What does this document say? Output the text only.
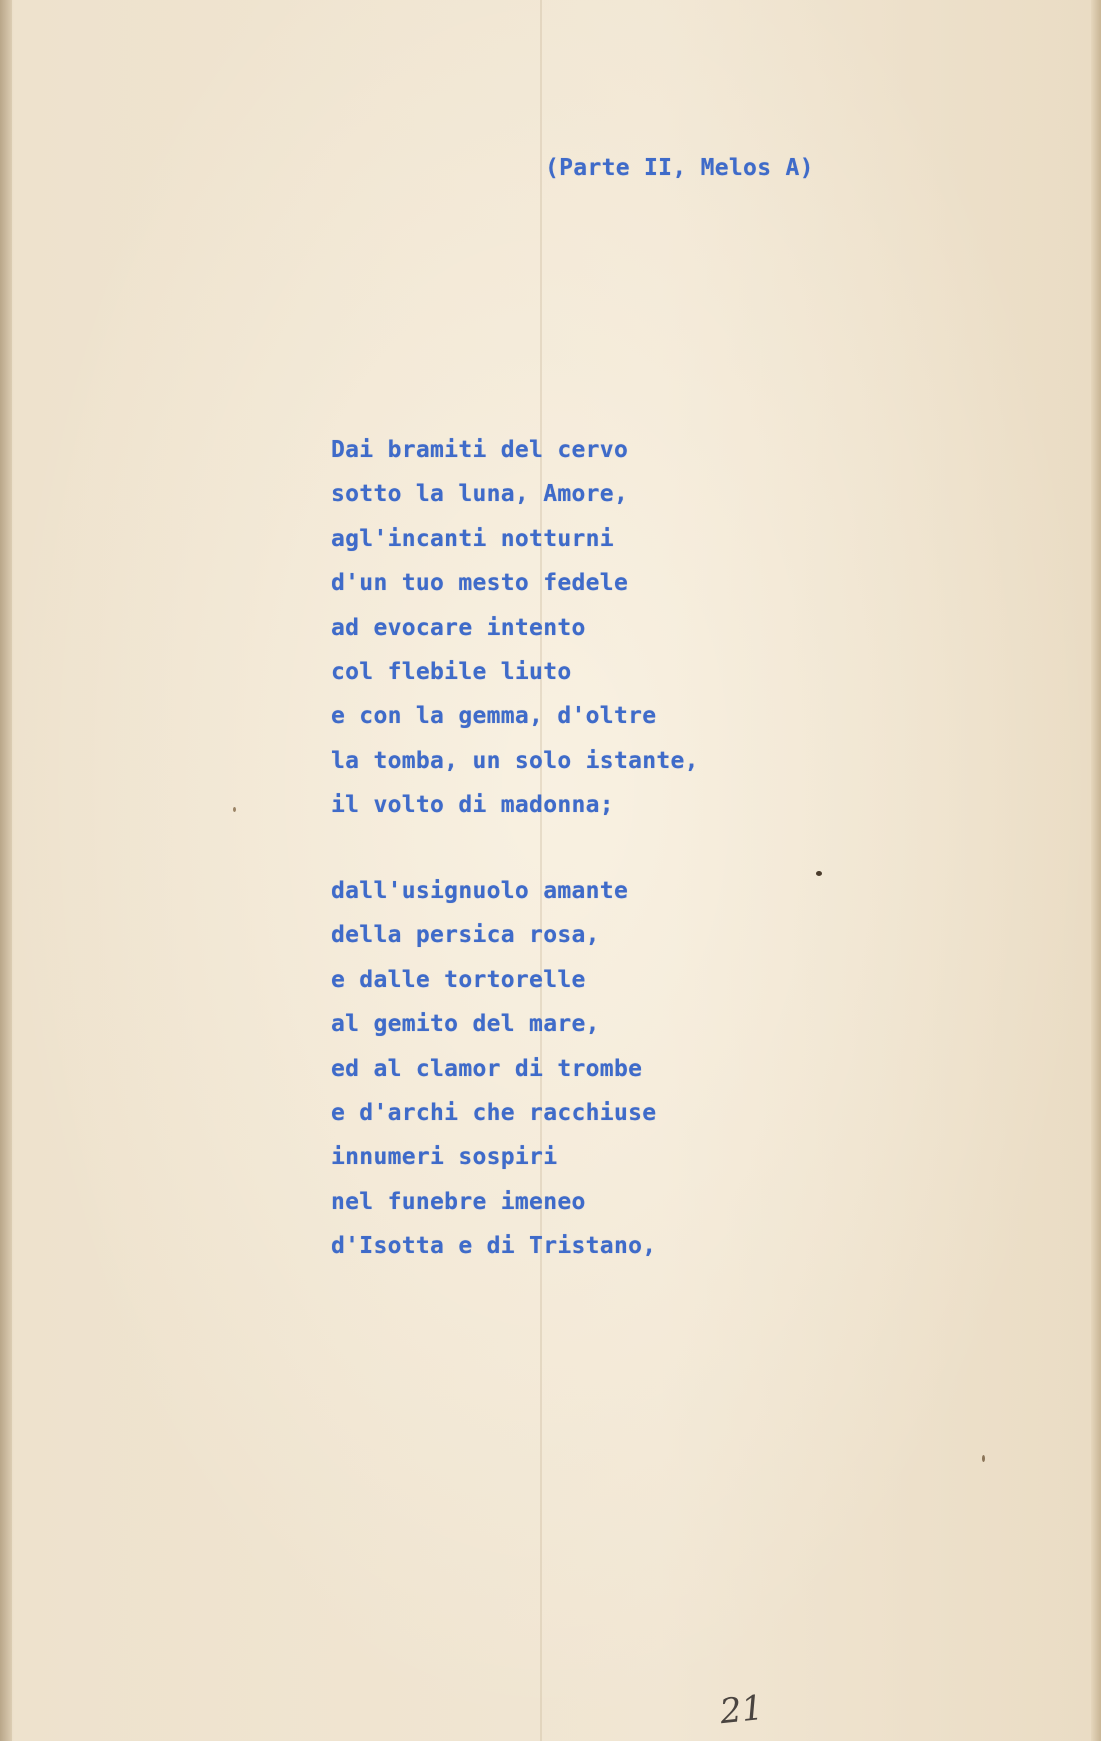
(Parte II, Melos A)
Dai bramiti del cervo
sotto la luna, Amore,
agl'incanti notturni
d'un tuo mesto fedele
ad evocare intento
col flebile liuto
e con la gemma, d'oltre
la tomba, un solo istante,
il volto di madonna;
dall'usignuolo amante
della persica rosa,
e dalle tortorelle
al gemito del mare,
ed al clamor di trombe
e d'archi che racchiuse
innumeri sospiri
nel funebre imeneo
d'Isotta e di Tristano,
21
